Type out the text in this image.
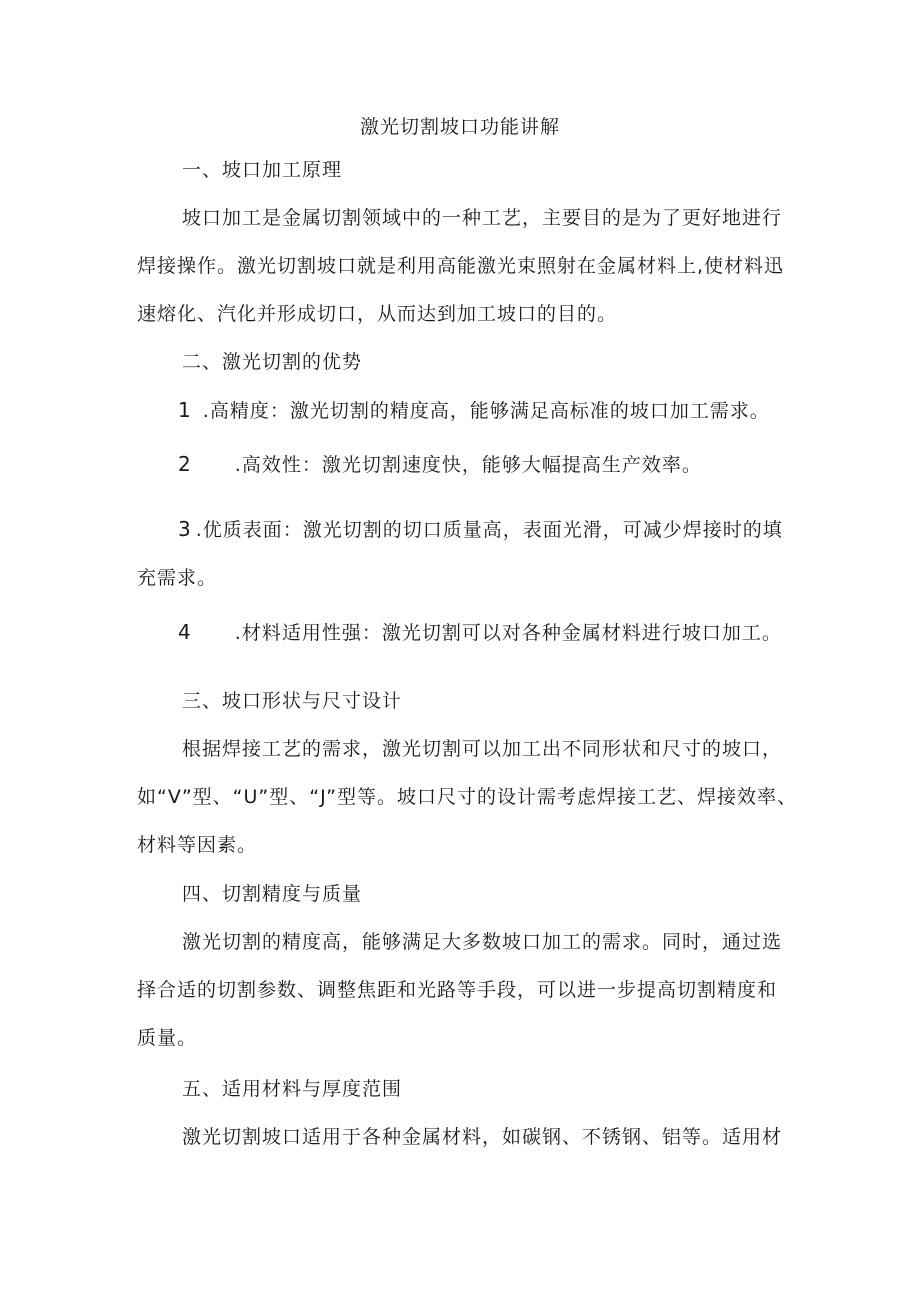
激光切割坡口功能讲解
一、坡口加工原理
坡口加工是金属切割领域中的一种工艺，主要目的是为了更好地进行
焊接操作。激光切割坡口就是利用高能激光束照射在金属材料上,使材料迅
速熔化、汽化并形成切口，从而达到加工坡口的目的。
二、激光切割的优势
1 .高精度：激光切割的精度高，能够满足高标准的坡口加工需求。
2 .高效性：激光切割速度快，能够大幅提高生产效率。
3 .优质表面：激光切割的切口质量高，表面光滑，可减少焊接时的填
充需求。
4 .材料适用性强：激光切割可以对各种金属材料进行坡口加工。
三、坡口形状与尺寸设计
根据焊接工艺的需求，激光切割可以加工出不同形状和尺寸的坡口，
如“V”型、“U”型、“J”型等。坡口尺寸的设计需考虑焊接工艺、焊接效率、
材料等因素。
四、切割精度与质量
激光切割的精度高，能够满足大多数坡口加工的需求。同时，通过选
择合适的切割参数、调整焦距和光路等手段，可以进一步提高切割精度和
质量。
五、适用材料与厚度范围
激光切割坡口适用于各种金属材料，如碳钢、不锈钢、铝等。适用材
